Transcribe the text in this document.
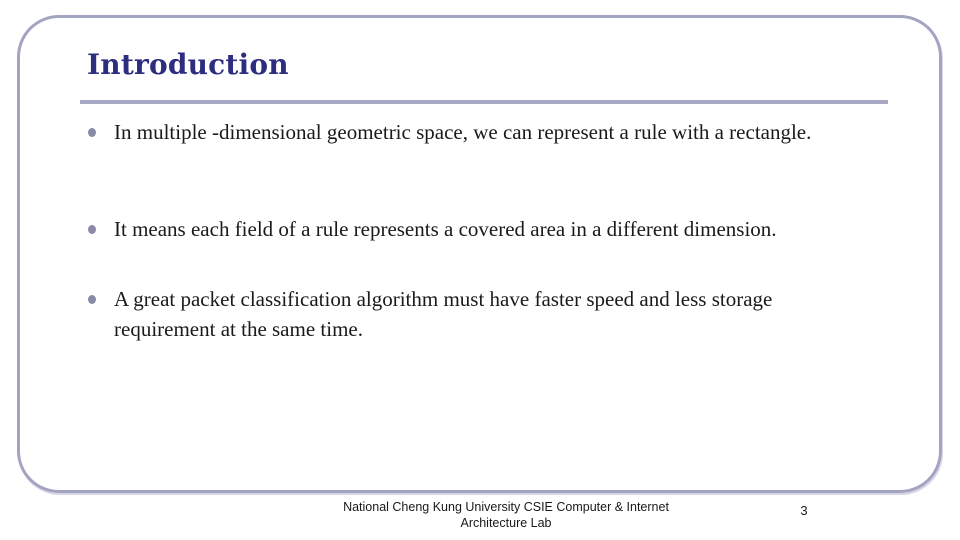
Introduction
In multiple -dimensional geometric space, we can represent a rule with a rectangle.
It means each field of a rule represents a covered area in a different dimension.
A great packet classification algorithm must have faster speed and less storage requirement at the same time.
National Cheng Kung University CSIE Computer & Internet
Architecture Lab
3
